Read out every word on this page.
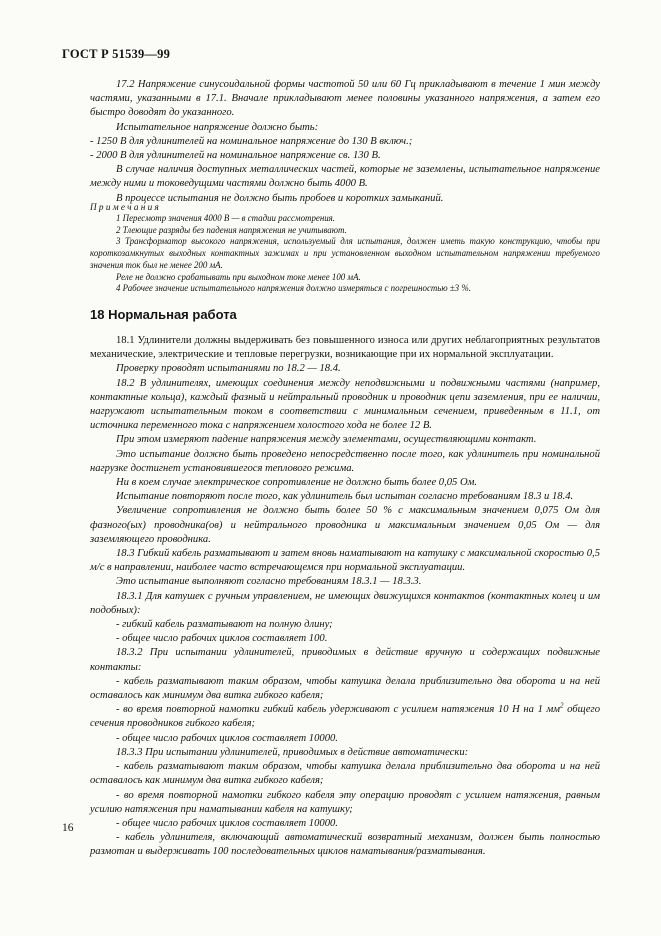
ГОСТ Р 51539—99

17.2 Напряжение синусоидальной формы частотой 50 или 60 Гц прикладывают в течение 1 мин между частями, указанными в 17.1. Вначале прикладывают менее половины указанного напряжения, а затем его быстро доводят до указанного.

Испытательное напряжение должно быть:

- 1250 В для удлинителей на номинальное напряжение до 130 В включ.;

- 2000 В для удлинителей на номинальное напряжение св. 130 В.

В случае наличия доступных металлических частей, которые не заземлены, испытательное напряжение между ними и токоведущими частями должно быть 4000 В.

В процессе испытания не должно быть пробоев и коротких замыканий.

Примечания

1 Пересмотр значения 4000 В — в стадии рассмотрения.

2 Тлеющие разряды без падения напряжения не учитывают.

3 Трансформатор высокого напряжения, используемый для испытания, должен иметь такую конструкцию, чтобы при короткозамкнутых выходных контактных зажимах и при установленном выходном испытательном напряжении требуемого значения ток был не менее 200 мА.

Реле не должно срабатывать при выходном токе менее 100 мА.

4 Рабочее значение испытательного напряжения должно измеряться с погрешностью ±3 %.

18 Нормальная работа

18.1 Удлинители должны выдерживать без повышенного износа или других неблагоприятных результатов механические, электрические и тепловые перегрузки, возникающие при их нормальной эксплуатации.

Проверку проводят испытаниями по 18.2 — 18.4.

18.2 В удлинителях, имеющих соединения между неподвижными и подвижными частями (например, контактные кольца), каждый фазный и нейтральный проводник и проводник цепи заземления, при ее наличии, нагружают испытательным током в соответствии с минимальным сечением, приведенным в 11.1, от источника переменного тока с напряжением холостого хода не более 12 В.

При этом измеряют падение напряжения между элементами, осуществляющими контакт.

Это испытание должно быть проведено непосредственно после того, как удлинитель при номинальной нагрузке достигнет установившегося теплового режима.

Ни в коем случае электрическое сопротивление не должно быть более 0,05 Ом.

Испытание повторяют после того, как удлинитель был испытан согласно требованиям 18.3 и 18.4.

Увеличение сопротивления не должно быть более 50 % с максимальным значением 0,075 Ом для фазного(ых) проводника(ов) и нейтрального проводника и максимальным значением 0,05 Ом — для заземляющего проводника.

18.3 Гибкий кабель разматывают и затем вновь наматывают на катушку с максимальной скоростью 0,5 м/с в направлении, наиболее часто встречающемся при нормальной эксплуатации.

Это испытание выполняют согласно требованиям 18.3.1 — 18.3.3.

18.3.1 Для катушек с ручным управлением, не имеющих движущихся контактов (контактных колец и им подобных):

- гибкий кабель разматывают на полную длину;

- общее число рабочих циклов составляет 100.

18.3.2 При испытании удлинителей, приводимых в действие вручную и содержащих подвижные контакты:

- кабель разматывают таким образом, чтобы катушка делала приблизительно два оборота и на ней оставалось как минимум два витка гибкого кабеля;

- во время повторной намотки гибкий кабель удерживают с усилием натяжения 10 Н на 1 $мм^2$ общего сечения проводников гибкого кабеля;

- общее число рабочих циклов составляет 10000.

18.3.3 При испытании удлинителей, приводимых в действие автоматически:

- кабель разматывают таким образом, чтобы катушка делала приблизительно два оборота и на ней оставалось как минимум два витка гибкого кабеля;

- во время повторной намотки гибкого кабеля эту операцию проводят с усилием натяжения, равным усилию натяжения при наматывании кабеля на катушку;

- общее число рабочих циклов составляет 10000.

- кабель удлинителя, включающий автоматический возвратный механизм, должен быть полностью размотан и выдерживать 100 последовательных циклов наматывания/разматывания.

16
